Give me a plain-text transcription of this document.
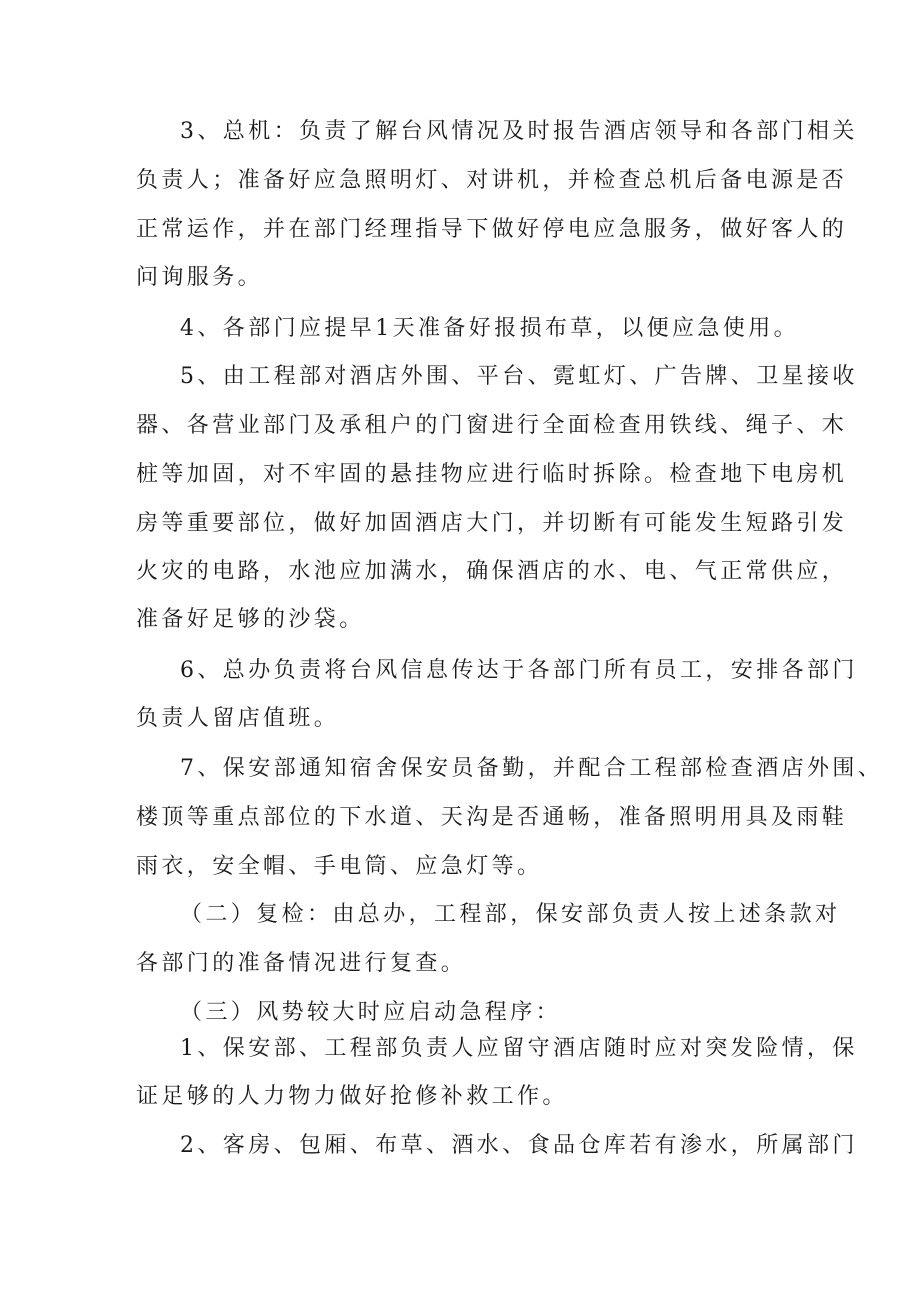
3、总机：负责了解台风情况及时报告酒店领导和各部门相关
负责人；准备好应急照明灯、对讲机，并检查总机后备电源是否
正常运作，并在部门经理指导下做好停电应急服务，做好客人的
问询服务。
4、各部门应提早1天准备好报损布草，以便应急使用。
5、由工程部对酒店外围、平台、霓虹灯、广告牌、卫星接收
器、各营业部门及承租户的门窗进行全面检查用铁线、绳子、木
桩等加固，对不牢固的悬挂物应进行临时拆除。检查地下电房机
房等重要部位，做好加固酒店大门，并切断有可能发生短路引发
火灾的电路，水池应加满水，确保酒店的水、电、气正常供应，
准备好足够的沙袋。
6、总办负责将台风信息传达于各部门所有员工，安排各部门
负责人留店值班。
7、保安部通知宿舍保安员备勤，并配合工程部检查酒店外围、
楼顶等重点部位的下水道、天沟是否通畅，准备照明用具及雨鞋
雨衣，安全帽、手电筒、应急灯等。
（二）复检：由总办，工程部，保安部负责人按上述条款对
各部门的准备情况进行复查。
（三）风势较大时应启动急程序：
1、保安部、工程部负责人应留守酒店随时应对突发险情，保
证足够的人力物力做好抢修补救工作。
2、客房、包厢、布草、酒水、食品仓库若有渗水，所属部门
